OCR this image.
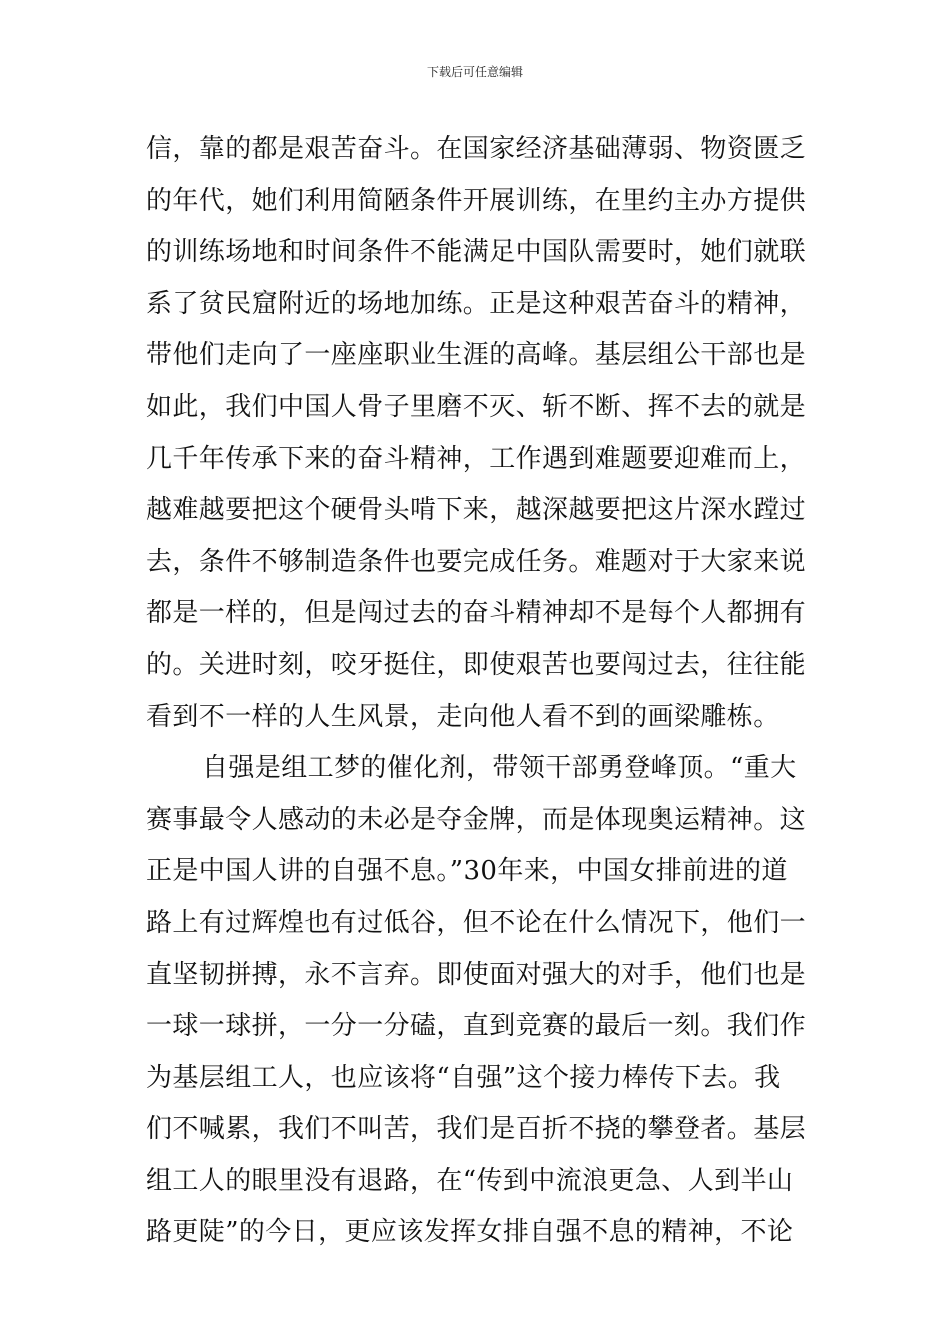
下载后可任意编辑
信，靠的都是艰苦奋斗。在国家经济基础薄弱、物资匮乏
的年代，她们利用简陋条件开展训练，在里约主办方提供
的训练场地和时间条件不能满足中国队需要时，她们就联
系了贫民窟附近的场地加练。正是这种艰苦奋斗的精神，
带他们走向了一座座职业生涯的高峰。基层组公干部也是
如此，我们中国人骨子里磨不灭、斩不断、挥不去的就是
几千年传承下来的奋斗精神，工作遇到难题要迎难而上，
越难越要把这个硬骨头啃下来，越深越要把这片深水蹚过
去，条件不够制造条件也要完成任务。难题对于大家来说
都是一样的，但是闯过去的奋斗精神却不是每个人都拥有
的。关进时刻，咬牙挺住，即使艰苦也要闯过去，往往能
看到不一样的人生风景，走向他人看不到的画梁雕栋。
自强是组工梦的催化剂，带领干部勇登峰顶。“重大
赛事最令人感动的未必是夺金牌，而是体现奥运精神。这
正是中国人讲的自强不息。”30年来，中国女排前进的道
路上有过辉煌也有过低谷，但不论在什么情况下，他们一
直坚韧拼搏，永不言弃。即使面对强大的对手，他们也是
一球一球拼，一分一分磕，直到竞赛的最后一刻。我们作
为基层组工人，也应该将“自强”这个接力棒传下去。我
们不喊累，我们不叫苦，我们是百折不挠的攀登者。基层
组工人的眼里没有退路，在“传到中流浪更急、人到半山
路更陡”的今日，更应该发挥女排自强不息的精神，不论
